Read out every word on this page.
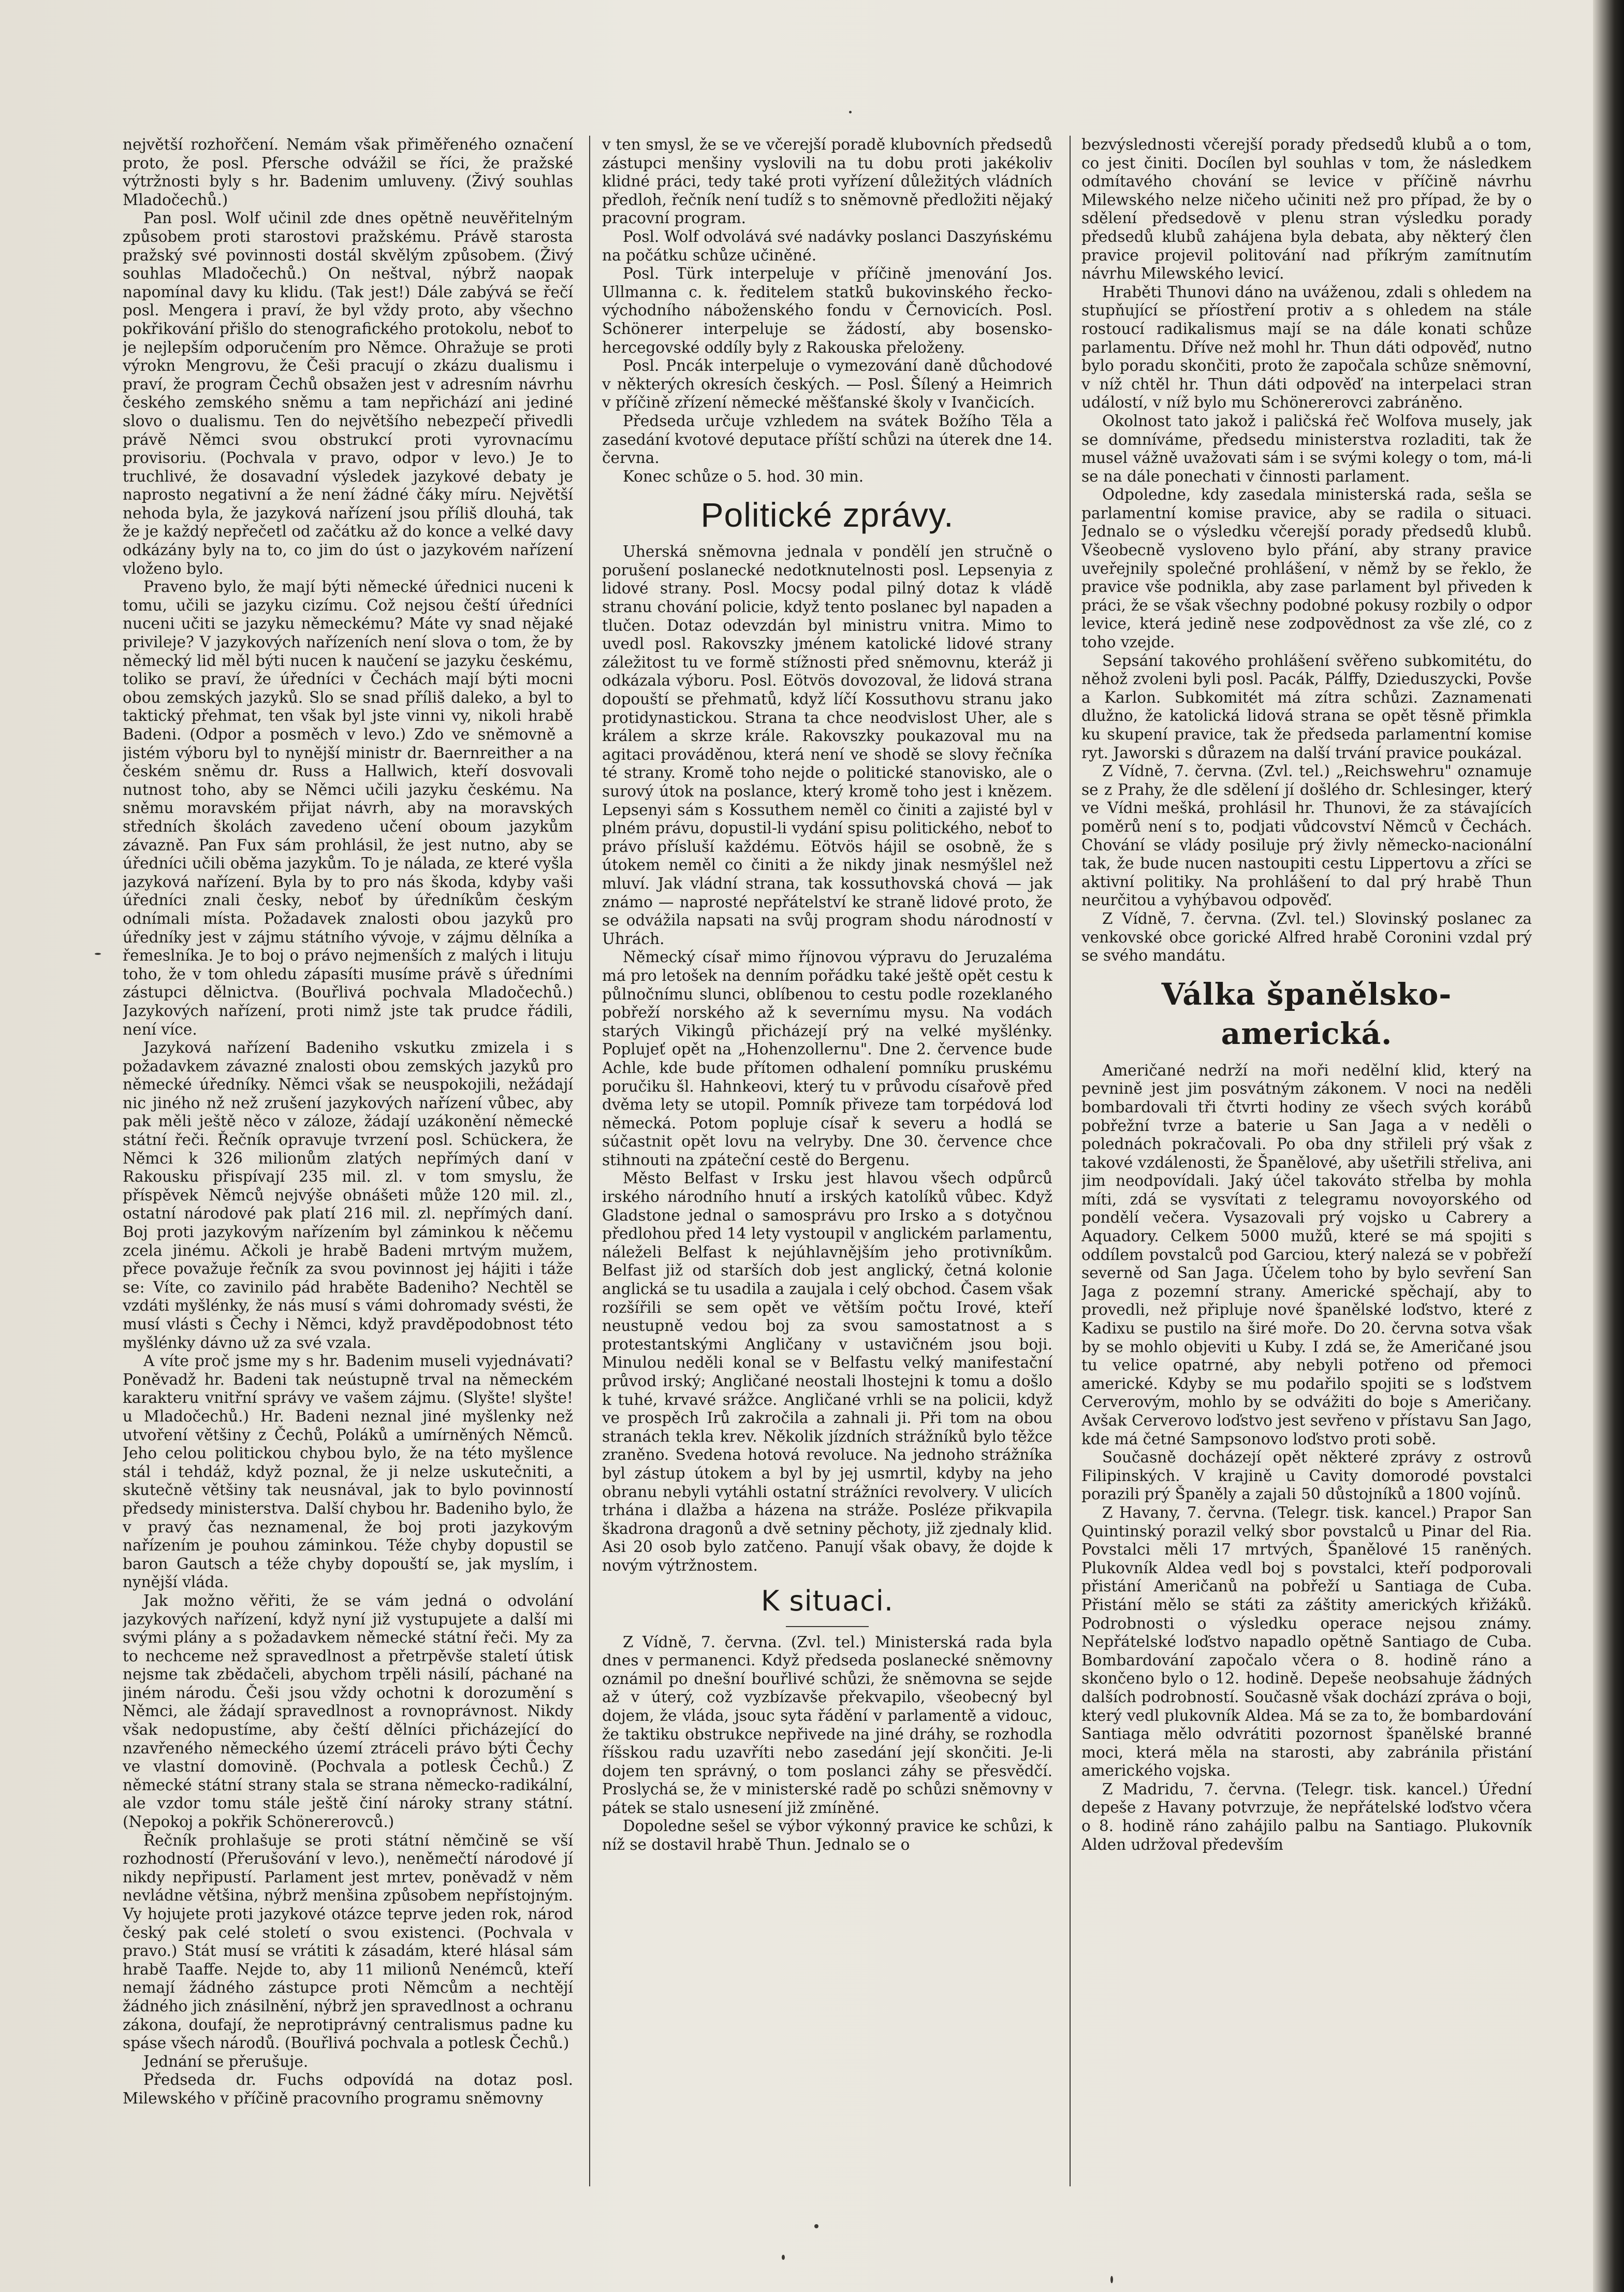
největší rozhořčení. Nemám však přiměřeného označení proto, že posl. Pfersche odvážil se říci, že pražské výtržnosti byly s hr. Badenim umluveny. (Živý souhlas Mladočechů.)

Pan posl. Wolf učinil zde dnes opětně neuvěřitelným způsobem proti starostovi pražskému. Právě starosta pražský své povinnosti dostál skvělým způsobem. (Živý souhlas Mladočechů.) On neštval, nýbrž naopak napomínal davy ku klidu. (Tak jest!) Dále zabývá se řečí posl. Mengera i praví, že byl vždy proto, aby všechno pokřikování přišlo do stenografického protokolu, neboť to je nejlepším odporučením pro Němce. Ohražuje se proti výrokn Mengrovu, že Češi pracují o zkázu dualismu i praví, že program Čechů obsažen jest v adresním návrhu českého zemského sněmu a tam nepřichází ani jediné slovo o dualismu. Ten do největšího nebezpečí přivedli právě Němci svou obstrukcí proti vyrovnacímu provisoriu. (Pochvala v pravo, odpor v levo.) Je to truchlivé, že dosavadní výsledek jazykové debaty je naprosto negativní a že není žádné čáky míru. Největší nehoda byla, že jazyková nařízení jsou příliš dlouhá, tak že je každý nepřečetl od začátku až do konce a velké davy odkázány byly na to, co jim do úst o jazykovém nařízení vloženo bylo.

Praveno bylo, že mají býti německé úřednici nuceni k tomu, učili se jazyku cizímu. Což nejsou čeští úředníci nuceni učiti se jazyku německému? Máte vy snad nějaké privileje? V jazykových nařízeních není slova o tom, že by německý lid měl býti nucen k naučení se jazyku českému, toliko se praví, že úředníci v Čechách mají býti mocni obou zemských jazyků. Slo se snad příliš daleko, a byl to taktický přehmat, ten však byl jste vinni vy, nikoli hrabě Badeni. (Odpor a posměch v levo.) Zdo ve sněmovně a jistém výboru byl to nynější ministr dr. Baernreither a na českém sněmu dr. Russ a Hallwich, kteří dosvovali nutnost toho, aby se Němci učili jazyku českému. Na sněmu moravském přijat návrh, aby na moravských středních školách zavedeno učení oboum jazykům závazně. Pan Fux sám prohlásil, že jest nutno, aby se úředníci učili oběma jazykům. To je nálada, ze které vyšla jazyková nařízení. Byla by to pro nás škoda, kdyby vaši úředníci znali česky, neboť by úředníkům českým odnímali místa. Požadavek znalosti obou jazyků pro úředníky jest v zájmu státního vývoje, v zájmu dělníka a řemeslníka. Je to boj o právo nejmenších z malých i lituju toho, že v tom ohledu zápasíti musíme právě s úředními zástupci dělnictva. (Bouřlivá pochvala Mladočechů.) Jazykových nařízení, proti nimž jste tak prudce řádili, není více.

Jazyková nařízení Badeniho vskutku zmizela i s požadavkem závazné znalosti obou zemských jazyků pro německé úředníky. Němci však se neuspokojili, nežádají nic jiného nž než zrušení jazykových nařízení vůbec, aby pak měli ještě něco v záloze, žádají uzákonění německé státní řeči. Řečník opravuje tvrzení posl. Schückera, že Němci k 326 milionům zlatých nepřímých daní v Rakousku přispívají 235 mil. zl. v tom smyslu, že příspěvek Němců nejvýše obnášeti může 120 mil. zl., ostatní národové pak platí 216 mil. zl. nepřímých daní. Boj proti jazykovým nařízením byl záminkou k něčemu zcela jinému. Ačkoli je hrabě Badeni mrtvým mužem, přece považuje řečník za svou povinnost jej hájiti i táže se: Víte, co zavinilo pád hraběte Badeniho? Nechtěl se vzdáti myšlénky, že nás musí s vámi dohromady svésti, že musí vlásti s Čechy i Němci, když pravděpodobnost této myšlénky dávno už za své vzala.

A víte proč jsme my s hr. Badenim museli vyjednávati? Poněvadž hr. Badeni tak neústupně trval na německém karakteru vnitřní správy ve vašem zájmu. (Slyšte! slyšte! u Mladočechů.) Hr. Badeni neznal jiné myšlenky než utvoření většiny z Čechů, Poláků a umírněných Němců. Jeho celou politickou chybou bylo, že na této myšlence stál i tehdáž, když poznal, že ji nelze uskutečniti, a skutečně většiny tak neusnával, jak to bylo povinností předsedy ministerstva. Další chybou hr. Badeniho bylo, že v pravý čas neznamenal, že boj proti jazykovým nařízením je pouhou záminkou. Téže chyby dopustil se baron Gautsch a téže chyby dopouští se, jak myslím, i nynější vláda.

Jak možno věřiti, že se vám jedná o odvolání jazykových nařízení, když nyní již vystupujete a další mi svými plány a s požadavkem německé státní řeči. My za to nechceme než spravedlnost a přetrpěvše staletí útisk nejsme tak zbědačeli, abychom trpěli násilí, páchané na jiném národu. Češi jsou vždy ochotni k dorozumění s Němci, ale žádají spravedlnost a rovnoprávnost. Nikdy však nedopustíme, aby čeští dělníci přicházející do nzavřeného německého území ztráceli právo býti Čechy ve vlastní domovině. (Pochvala a potlesk Čechů.) Z německé státní strany stala se strana německo-radikální, ale vzdor tomu stále ještě činí nároky strany státní. (Nepokoj a pokřik Schönererovců.)

Řečník prohlašuje se proti státní němčině se vší rozhodností (Přerušování v levo.), neněmečtí národové jí nikdy nepřipustí. Parlament jest mrtev, poněvadž v něm nevládne většina, nýbrž menšina způsobem nepřístojným. Vy hojujete proti jazykové otázce teprve jeden rok, národ český pak celé století o svou existenci. (Pochvala v pravo.) Stát musí se vrátiti k zásadám, které hlásal sám hrabě Taaffe. Nejde to, aby 11 milionů Nenémců, kteří nemají žádného zástupce proti Němcům a nechtějí žádného jich znásilnění, nýbrž jen spravedlnost a ochranu zákona, doufají, že neprotiprávný centralismus padne ku spáse všech národů. (Bouřlivá pochvala a potlesk Čechů.)

Jednání se přerušuje.

Předseda dr. Fuchs odpovídá na dotaz posl. Milewského v příčině pracovního programu sněmovny

v ten smysl, že se ve včerejší poradě klubovních předsedů zástupci menšiny vyslovili na tu dobu proti jakékoliv klidné práci, tedy také proti vyřízení důležitých vládních předloh, řečník není tudíž s to sněmovně předložiti nějaký pracovní program.

Posl. Wolf odvolává své nadávky poslanci Daszyńskému na počátku schůze učiněné.

Posl. Türk interpeluje v příčině jmenování Jos. Ullmanna c. k. ředitelem statků bukovinského řecko-východního náboženského fondu v Černovicích. Posl. Schönerer interpeluje se žádostí, aby bosensko-hercegovské oddíly byly z Rakouska přeloženy.

Posl. Pncák interpeluje o vymezování daně důchodové v některých okresích českých. — Posl. Šílený a Heimrich v příčině zřízení německé měšťanské školy v Ivančicích.

Předseda určuje vzhledem na svátek Božího Těla a zasedání kvotové deputace příští schůzi na úterek dne 14. června.

Konec schůze o 5. hod. 30 min.

Politické zprávy.

Uherská sněmovna jednala v pondělí jen stručně o porušení poslanecké nedotknutelnosti posl. Lepsenyia z lidové strany. Posl. Mocsy podal pilný dotaz k vládě stranu chování policie, když tento poslanec byl napaden a tlučen. Dotaz odevzdán byl ministru vnitra. Mimo to uvedl posl. Rakovszky jménem katolické lidové strany záležitost tu ve formě stížnosti před sněmovnu, kteráž ji odkázala výboru. Posl. Eötvös dovozoval, že lidová strana dopouští se přehmatů, když líčí Kossuthovu stranu jako protidynastickou. Strana ta chce neodvislost Uher, ale s králem a skrze krále. Rakovszky poukazoval mu na agitaci prováděnou, která není ve shodě se slovy řečníka té strany. Kromě toho nejde o politické stanovisko, ale o surový útok na poslance, který kromě toho jest i knězem. Lepsenyi sám s Kossuthem neměl co činiti a zajisté byl v plném právu, dopustil-li vydání spisu politického, neboť to právo přísluší každému. Eötvös hájil se osobně, že s útokem neměl co činiti a že nikdy jinak nesmýšlel než mluví. Jak vládní strana, tak kossuthovská chová — jak známo — naprosté nepřátelství ke straně lidové proto, že se odvážila napsati na svůj program shodu národností v Uhrách.

Německý císař mimo říjnovou výpravu do Jeruzaléma má pro letošek na denním pořádku také ještě opět cestu k půlnočnímu slunci, oblíbenou to cestu podle rozeklaného pobřeží norského až k severnímu mysu. Na vodách starých Vikingů přicházejí prý na velké myšlénky. Poplujeť opět na „Hohenzollernu". Dne 2. července bude Achle, kde bude přítomen odhalení pomníku pruskému poručiku šl. Hahnkeovi, který tu v průvodu císařově před dvěma lety se utopil. Pomník přiveze tam torpédová loď německá. Potom popluje císař k severu a hodlá se súčastnit opět lovu na velryby. Dne 30. července chce stihnouti na zpáteční cestě do Bergenu.

Město Belfast v Irsku jest hlavou všech odpůrců irského národního hnutí a irských katolíků vůbec. Když Gladstone jednal o samosprávu pro Irsko a s dotyčnou předlohou před 14 lety vystoupil v anglickém parlamentu, náleželi Belfast k nejúhlavnějším jeho protivníkům. Belfast již od starších dob jest anglický, četná kolonie anglická se tu usadila a zaujala i celý obchod. Časem však rozšířili se sem opět ve větším počtu Irové, kteří neustupně vedou boj za svou samostatnost a s protestantskými Angličany v ustavičném jsou boji. Minulou neděli konal se v Belfastu velký manifestační průvod irský; Angličané neostali lhostejni k tomu a došlo k tuhé, krvavé srážce. Angličané vrhli se na policii, když ve prospěch Irů zakročila a zahnali ji. Při tom na obou stranách tekla krev. Několik jízdních strážníků bylo těžce zraněno. Svedena hotová revoluce. Na jednoho strážníka byl zástup útokem a byl by jej usmrtil, kdyby na jeho obranu nebyli vytáhli ostatní strážníci revolvery. V ulicích trhána i dlažba a házena na stráže. Posléze přikvapila škadrona dragonů a dvě setniny pěchoty, již zjednaly klid. Asi 20 osob bylo zatčeno. Panují však obavy, že dojde k novým výtržnostem.

K situaci.

Z Vídně, 7. června. (Zvl. tel.) Ministerská rada byla dnes v permanenci. Když předseda poslanecké sněmovny oznámil po dnešní bouřlivé schůzi, že sněmovna se sejde až v úterý, což vyzbízavše překvapilo, všeobecný byl dojem, že vláda, jsouc syta řádění v parlamentě a vidouc, že taktiku obstrukce nepřivede na jiné dráhy, se rozhodla říšskou radu uzavříti nebo zasedání její skončiti. Je-li dojem ten správný, o tom poslanci záhy se přesvědčí. Proslychá se, že v ministerské radě po schůzi sněmovny v pátek se stalo usnesení již zmíněné.

Dopoledne sešel se výbor výkonný pravice ke schůzi, k níž se dostavil hrabě Thun. Jednalo se o

bezvýslednosti včerejší porady předsedů klubů a o tom, co jest činiti. Docílen byl souhlas v tom, že následkem odmítavého chování se levice v příčině návrhu Milewského nelze ničeho učiniti než pro případ, že by o sdělení předsedově v plenu stran výsledku porady předsedů klubů zahájena byla debata, aby některý člen pravice projevil politování nad příkrým zamítnutím návrhu Milewského levicí.

Hraběti Thunovi dáno na uváženou, zdali s ohledem na stupňující se příostření protiv a s ohledem na stále rostoucí radikalismus mají se na dále konati schůze parlamentu. Dříve než mohl hr. Thun dáti odpověď, nutno bylo poradu skončiti, proto že započala schůze sněmovní, v níž chtěl hr. Thun dáti odpověď na interpelaci stran událostí, v níž bylo mu Schönererovci zabráněno.

Okolnost tato jakož i paličská řeč Wolfova musely, jak se domníváme, předsedu ministerstva rozladiti, tak že musel vážně uvažovati sám i se svými kolegy o tom, má-li se na dále ponechati v činnosti parlament.

Odpoledne, kdy zasedala ministerská rada, sešla se parlamentní komise pravice, aby se radila o situaci. Jednalo se o výsledku včerejší porady předsedů klubů. Všeobecně vysloveno bylo přání, aby strany pravice uveřejnily společné prohlášení, v němž by se řeklo, že pravice vše podnikla, aby zase parlament byl přiveden k práci, že se však všechny podobné pokusy rozbily o odpor levice, která jedině nese zodpovědnost za vše zlé, co z toho vzejde.

Sepsání takového prohlášení svěřeno subkomitétu, do něhož zvoleni byli posl. Pacák, Pálffy, Dzieduszycki, Povše a Karlon. Subkomitét má zítra schůzi. Zaznamenati dlužno, že katolická lidová strana se opět těsně přimkla ku skupení pravice, tak že předseda parlamentní komise ryt. Jaworski s důrazem na další trvání pravice poukázal.

Z Vídně, 7. června. (Zvl. tel.) „Reichswehru" oznamuje se z Prahy, že dle sdělení jí došlého dr. Schlesinger, který ve Vídni mešká, prohlásil hr. Thunovi, že za stávajících poměrů není s to, podjati vůdcovství Němců v Čechách. Chování se vlády posiluje prý živly německo-nacionální tak, že bude nucen nastoupiti cestu Lippertovu a zříci se aktivní politiky. Na prohlášení to dal prý hrabě Thun neurčitou a vyhýbavou odpověď.

Z Vídně, 7. června. (Zvl. tel.) Slovinský poslanec za venkovské obce gorické Alfred hrabě Coronini vzdal prý se svého mandátu.

Válka španělsko-americká.

Američané nedrží na moři nedělní klid, který na pevnině jest jim posvátným zákonem. V noci na neděli bombardovali tři čtvrti hodiny ze všech svých korábů pobřežní tvrze a baterie u San Jaga a v neděli o polednách pokračovali. Po oba dny střileli prý však z takové vzdálenosti, že Španělové, aby ušetřili střeliva, ani jim neodpovídali. Jaký účel takováto střelba by mohla míti, zdá se vysvítati z telegramu novoyorského od pondělí večera. Vysazovali prý vojsko u Cabrery a Aquadory. Celkem 5000 mužů, které se má spojiti s oddílem povstalců pod Garciou, který nalezá se v pobřeží severně od San Jaga. Účelem toho by bylo sevření San Jaga z pozemní strany. Americké spěchají, aby to provedli, než připluje nové španělské loďstvo, které z Kadixu se pustilo na širé moře. Do 20. června sotva však by se mohlo objeviti u Kuby. I zdá se, že Američané jsou tu velice opatrné, aby nebyli potřeno od přemoci americké. Kdyby se mu podařilo spojiti se s loďstvem Cerverovým, mohlo by se odvážiti do boje s Američany. Avšak Cerverovo loďstvo jest sevřeno v přístavu San Jago, kde má četné Sampsonovo loďstvo proti sobě.

Současně docházejí opět některé zprávy z ostrovů Filipinských. V krajině u Cavity domorodé povstalci porazili prý Španěly a zajali 50 důstojníků a 1800 vojínů.

Z Havany, 7. června. (Telegr. tisk. kancel.) Prapor San Quintinský porazil velký sbor povstalců u Pinar del Ria. Povstalci měli 17 mrtvých, Španělové 15 raněných. Plukovník Aldea vedl boj s povstalci, kteří podporovali přistání Američanů na pobřeží u Santiaga de Cuba. Přistání mělo se státi za záštity amerických křižáků. Podrobnosti o výsledku operace nejsou známy. Nepřátelské loďstvo napadlo opětně Santiago de Cuba. Bombardování započalo včera o 8. hodině ráno a skončeno bylo o 12. hodině. Depeše neobsahuje žádných dalších podrobností. Současně však dochází zpráva o boji, který vedl plukovník Aldea. Má se za to, že bombardování Santiaga mělo odvrátiti pozornost španělské branné moci, která měla na starosti, aby zabránila přistání amerického vojska.

Z Madridu, 7. června. (Telegr. tisk. kancel.) Úřední depeše z Havany potvrzuje, že nepřátelské loďstvo včera o 8. hodině ráno zahájilo palbu na Santiago. Plukovník Alden udržoval především
